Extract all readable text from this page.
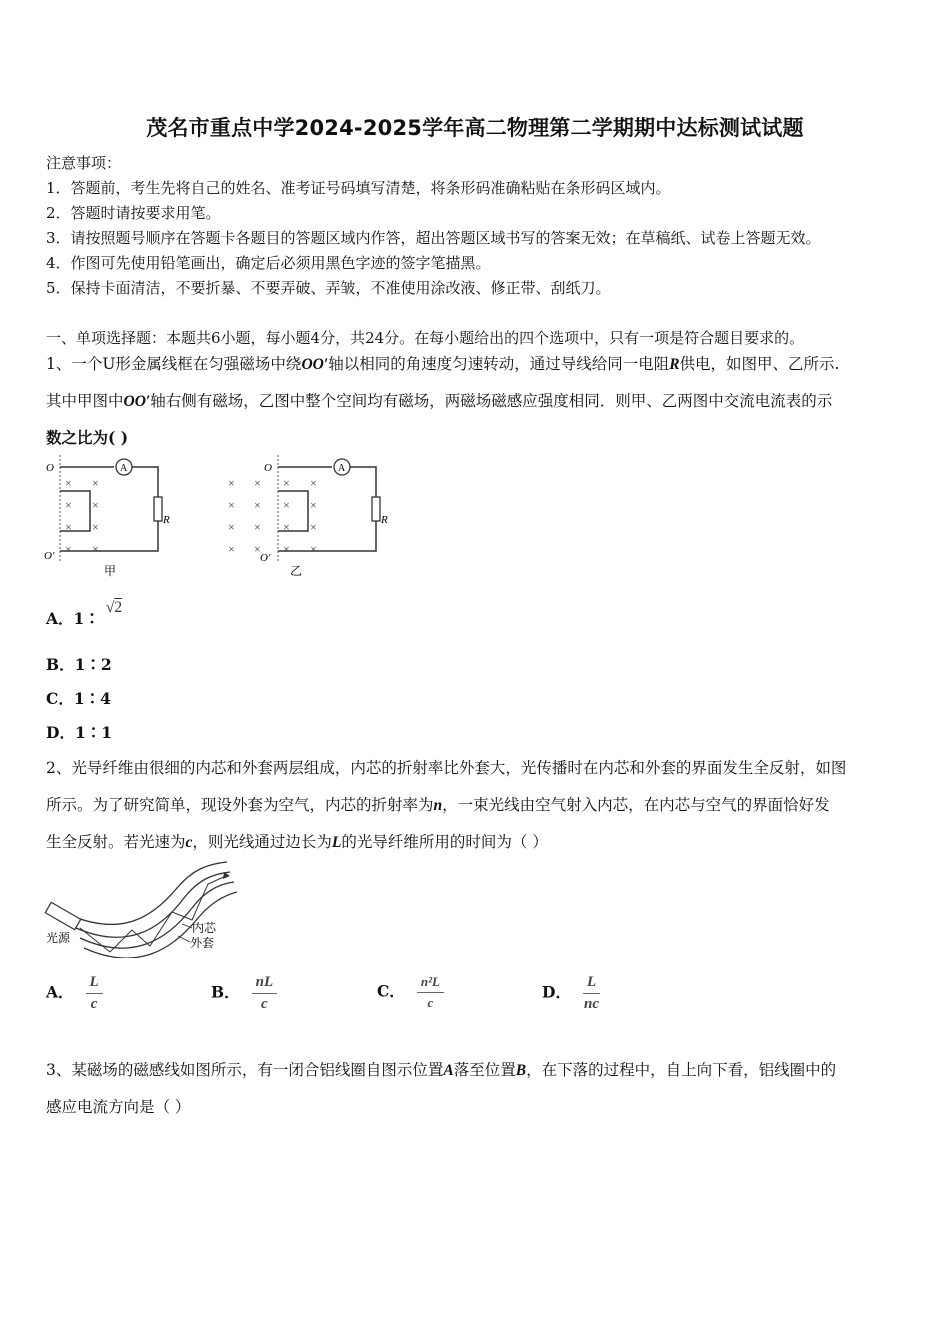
茂名市重点中学2024-2025学年高二物理第二学期期中达标测试试题
注意事项：
1．答题前，考生先将自己的姓名、准考证号码填写清楚，将条形码准确粘贴在条形码区域内。
2．答题时请按要求用笔。
3．请按照题号顺序在答题卡各题目的答题区域内作答，超出答题区域书写的答案无效；在草稿纸、试卷上答题无效。
4．作图可先使用铅笔画出，确定后必须用黑色字迹的签字笔描黑。
5．保持卡面清洁，不要折暴、不要弄破、弄皱，不准使用涂改液、修正带、刮纸刀。
一、单项选择题：本题共6小题，每小题4分，共24分。在每小题给出的四个选项中，只有一项是符合题目要求的。
1、一个U形金属线框在匀强磁场中绕OO′轴以相同的角速度匀速转动，通过导线给同一电阻R供电，如图甲、乙所示.
其中甲图中OO′轴右侧有磁场，乙图中整个空间均有磁场，两磁场磁感应强度相同．则甲、乙两图中交流电流表的示
数之比为( )
A
R
O
O′
× ×
× ×
× ×
× ×
甲
A
R
O
O′
× ×
× ×
× ×
× ×
× ×
× ×
× ×
× ×
乙
A．1∶√2
B．1∶2
C．1∶4
D．1∶1
2、光导纤维由很细的内芯和外套两层组成，内芯的折射率比外套大，光传播时在内芯和外套的界面发生全反射，如图
所示。为了研究简单，现设外套为空气，内芯的折射率为n，一束光线由空气射入内芯，在内芯与空气的界面恰好发
生全反射。若光速为c，则光线通过边长为L的光导纤维所用的时间为（ ）
光源
内芯
外套
A． $\frac{L}{c}$	B． $\frac{nL}{c}$	C． $\frac{\text{n²L}}{c}$	D． $\frac{L}{nc}$
3、某磁场的磁感线如图所示，有一闭合铝线圈自图示位置A落至位置B，在下落的过程中，自上向下看，铝线圈中的
感应电流方向是（ ）
